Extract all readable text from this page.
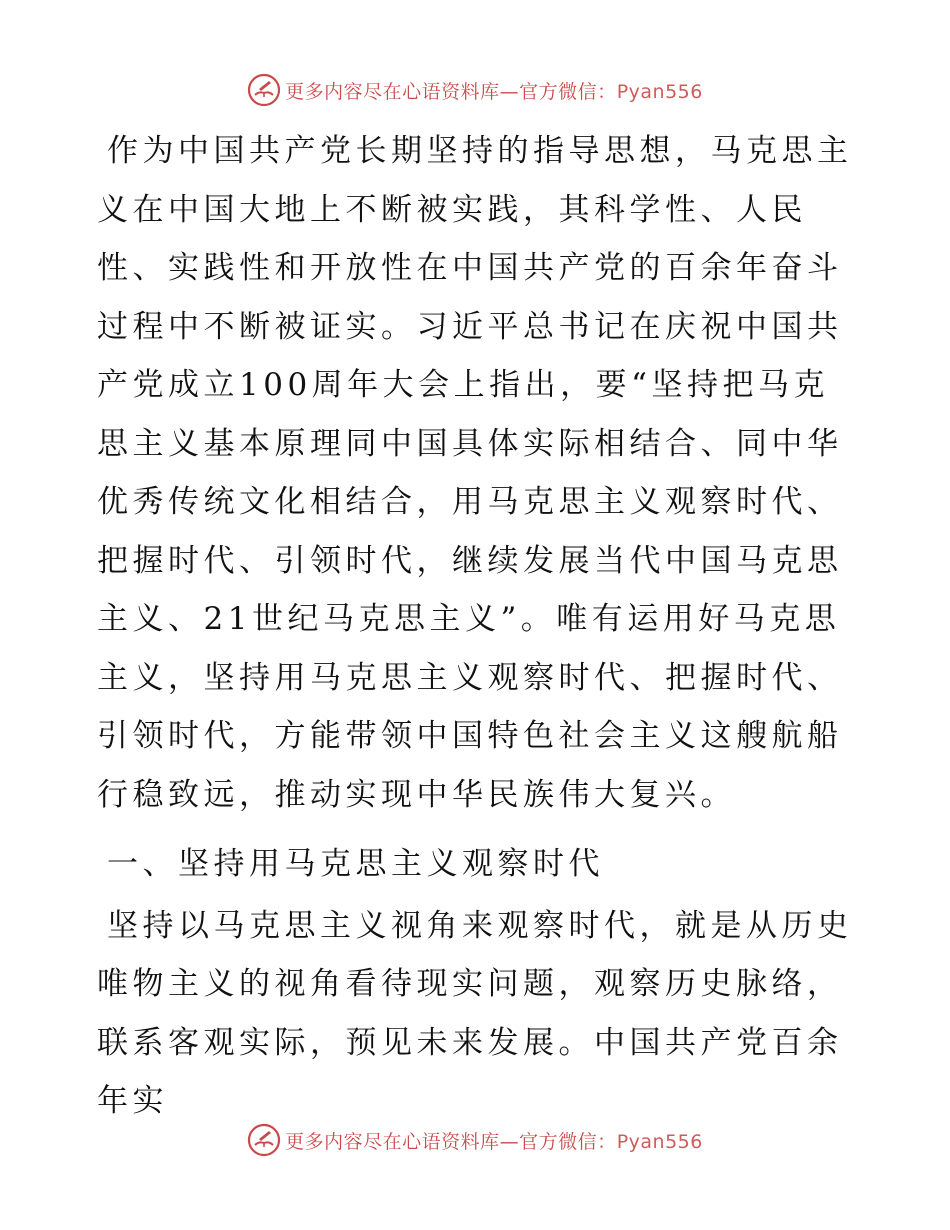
更多内容尽在心语资料库—官方微信：Pyan556

作为中国共产党长期坚持的指导思想，马克思主义在中国大地上不断被实践，其科学性、人民性、实践性和开放性在中国共产党的百余年奋斗过程中不断被证实。习近平总书记在庆祝中国共产党成立100周年大会上指出，要“坚持把马克思主义基本原理同中国具体实际相结合、同中华优秀传统文化相结合，用马克思主义观察时代、把握时代、引领时代，继续发展当代中国马克思主义、21世纪马克思主义”。唯有运用好马克思主义，坚持用马克思主义观察时代、把握时代、引领时代，方能带领中国特色社会主义这艘航船行稳致远，推动实现中华民族伟大复兴。

一、坚持用马克思主义观察时代

坚持以马克思主义视角来观察时代，就是从历史唯物主义的视角看待现实问题，观察历史脉络，联系客观实际，预见未来发展。中国共产党百余年实

更多内容尽在心语资料库—官方微信：Pyan556
